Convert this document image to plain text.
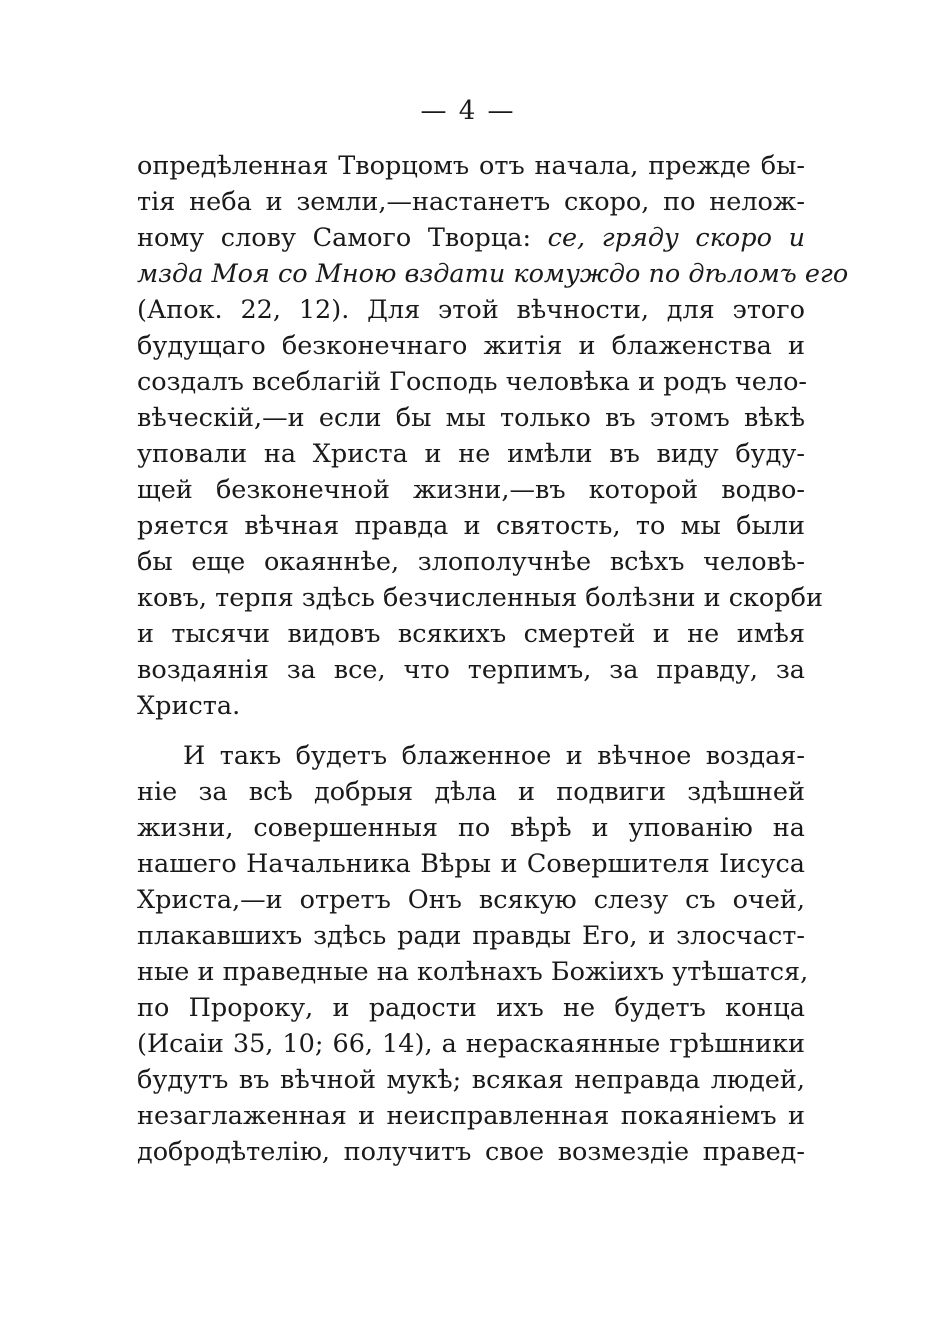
— 4 —
опредѣленная Творцомъ отъ начала, прежде бы-
тія неба и земли,—настанетъ скоро, по нелож-
ному слову Самого Творца: се, гряду скоро и
мзда Моя со Мною вздати комуждо по дѣломъ его
(Апок. 22, 12). Для этой вѣчности, для этого
будущаго безконечнаго житія и блаженства и
создалъ всеблагій Господь человѣка и родъ чело-
вѣческій,—и если бы мы только въ этомъ вѣкѣ
уповали на Христа и не имѣли въ виду буду-
щей безконечной жизни,—въ которой водво-
ряется вѣчная правда и святость, то мы были
бы еще окаяннѣе, злополучнѣе всѣхъ человѣ-
ковъ, терпя здѣсь безчисленныя болѣзни и скорби
и тысячи видовъ всякихъ смертей и не имѣя
воздаянія за все, что терпимъ, за правду, за
Христа.
И такъ будетъ блаженное и вѣчное воздая-
ніе за всѣ добрыя дѣла и подвиги здѣшней
жизни, совершенныя по вѣрѣ и упованію на
нашего Начальника Вѣры и Совершителя Іисуса
Христа,—и отретъ Онъ всякую слезу съ очей,
плакавшихъ здѣсь ради правды Его, и злосчаст-
ные и праведные на колѣнахъ Божіихъ утѣшатся,
по Пророку, и радости ихъ не будетъ конца
(Исаіи 35, 10; 66, 14), а нераскаянные грѣшники
будутъ въ вѣчной мукѣ; всякая неправда людей,
незаглаженная и неисправленная покаяніемъ и
добродѣтелію, получитъ свое возмездіе правед-
